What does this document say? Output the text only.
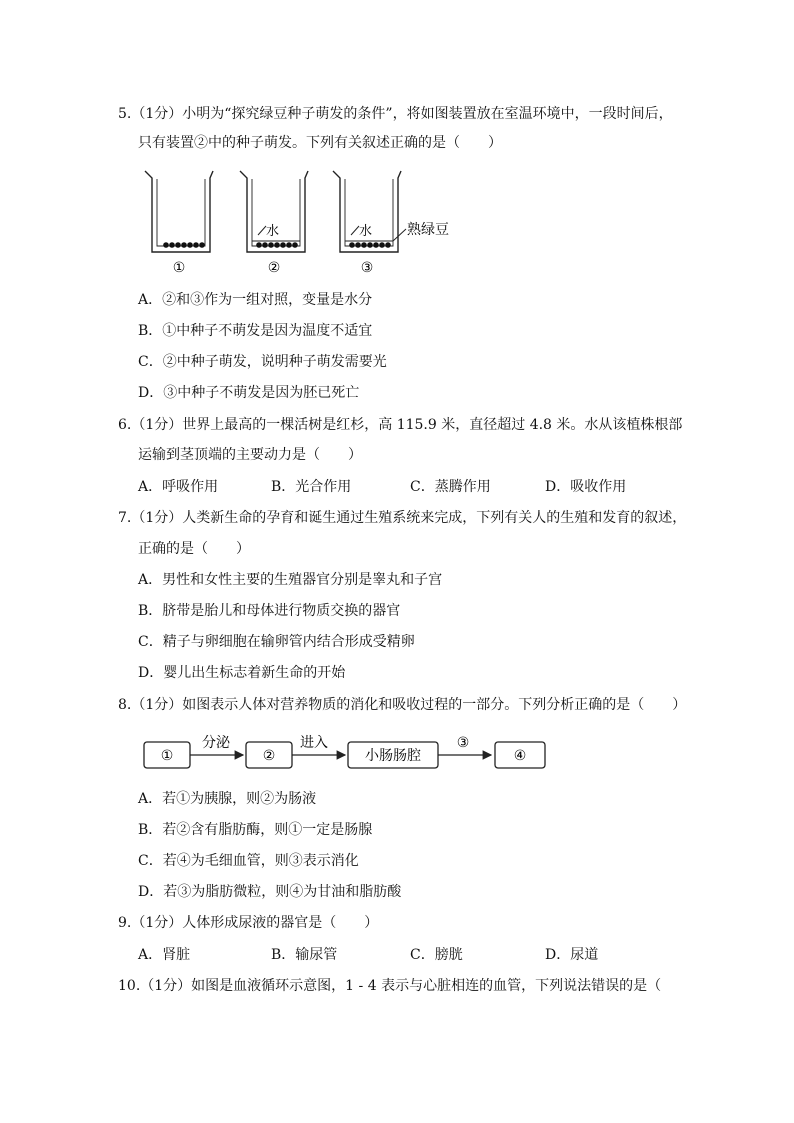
5.（1分）小明为“探究绿豆种子萌发的条件”，将如图装置放在室温环境中，一段时间后，
只有装置②中的种子萌发。下列有关叙述正确的是（　　）
水	水 熟绿豆
①	②	③
A．②和③作为一组对照，变量是水分
B．①中种子不萌发是因为温度不适宜
C．②中种子萌发，说明种子萌发需要光
D．③中种子不萌发是因为胚已死亡
6.（1分）世界上最高的一棵活树是红杉，高 115.9 米，直径超过 4.8 米。水从该植株根部
运输到茎顶端的主要动力是（　　）
A．呼吸作用	B．光合作用	C．蒸腾作用	D．吸收作用
7.（1分）人类新生命的孕育和诞生通过生殖系统来完成，下列有关人的生殖和发育的叙述，
正确的是（　　）
A．男性和女性主要的生殖器官分别是睾丸和子宫
B．脐带是胎儿和母体进行物质交换的器官
C．精子与卵细胞在输卵管内结合形成受精卵
D．婴儿出生标志着新生命的开始
8.（1分）如图表示人体对营养物质的消化和吸收过程的一部分。下列分析正确的是（　　）
①
分泌
②
进入
小肠肠腔
③
④
A．若①为胰腺，则②为肠液
B．若②含有脂肪酶，则①一定是肠腺
C．若④为毛细血管，则③表示消化
D．若③为脂肪微粒，则④为甘油和脂肪酸
9.（1分）人体形成尿液的器官是（　　）
A．肾脏	B．输尿管	C．膀胱	D．尿道
10.（1分）如图是血液循环示意图，1 - 4 表示与心脏相连的血管，下列说法错误的是（
